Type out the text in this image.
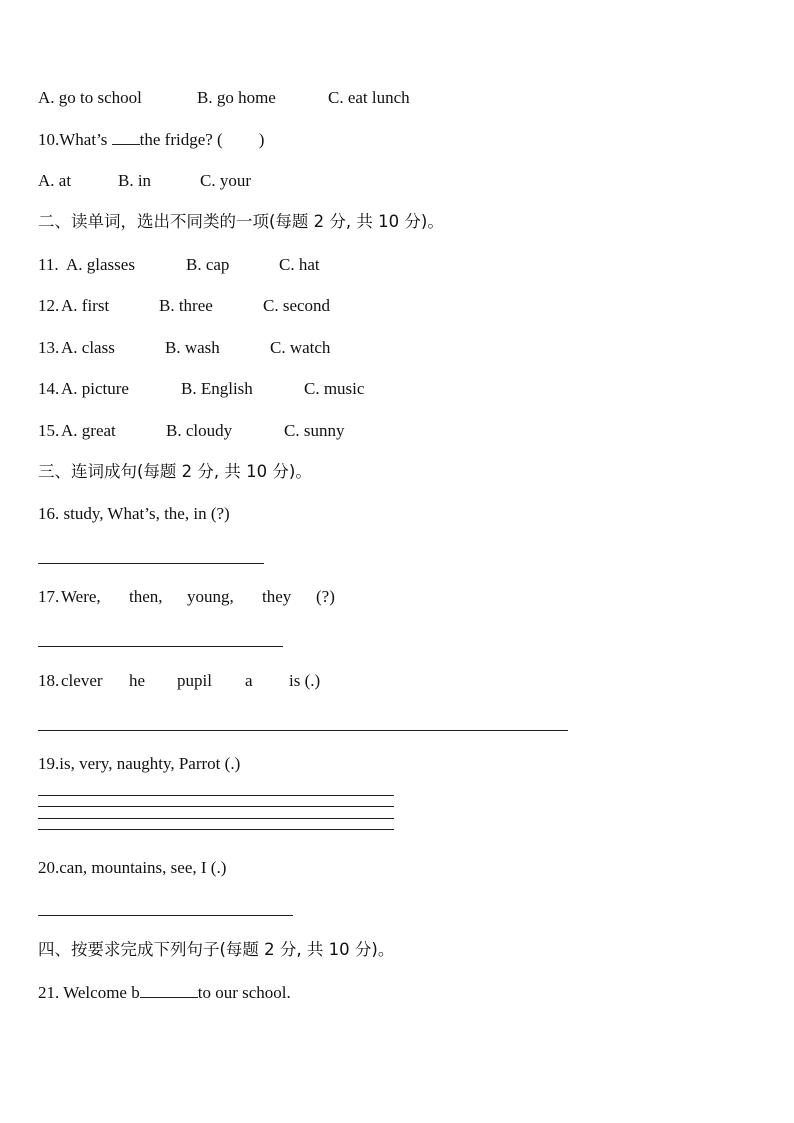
A. go to school	B. go home	C. eat lunch
10.What’s the fridge? ( )
A. at	B. in	C. your
二、读单词，选出不同类的一项(每题 2 分, 共 10 分)。
11. A. glasses	B. cap	C. hat
12. A. first	B. three	C. second
13. A. class	B. wash	C. watch
14. A. picture	B. English	C. music
15. A. great	B. cloudy	C. sunny
三、连词成句(每题 2 分, 共 10 分)。
16. study, What’s, the, in (?)
17. Were, then, young, they (?)
18. clever he pupil a is (.)
19.is, very, naughty, Parrot (.)
20.can, mountains, see, I (.)
四、按要求完成下列句子(每题 2 分, 共 10 分)。
21. Welcome b	to our school.
